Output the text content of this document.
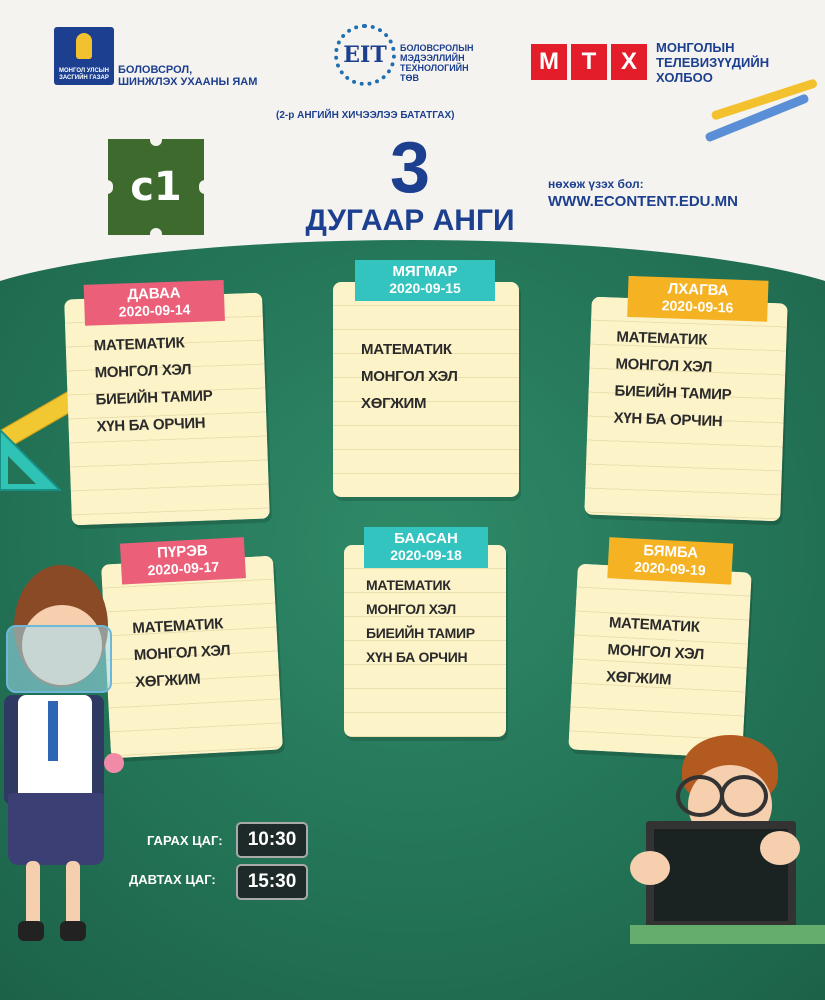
МОНГОЛ УЛСЫН ЗАСГИЙН ГАЗАР
БОЛОВСРОЛ,
ШИНЖЛЭХ УХААНЫ ЯАМ
EIT БОЛОВСРОЛЫН
МЭДЭЭЛЛИЙН
ТЕХНОЛОГИЙН
ТӨВ
(2-р АНГИЙН ХИЧЭЭЛЭЭ БАТАТГАХ)
М Т	Х
МОНГОЛЫН
ТЕЛЕВИЗҮҮДИЙН
ХОЛБОО
c1	3
ДУГААР АНГИ
нөхөж үзэх бол:
WWW.ECONTENT.EDU.MN
ДАВАА
2020-09-14
МАТЕМАТИК
МОНГОЛ ХЭЛ
БИЕИЙН ТАМИР
ХҮН БА ОРЧИН
МЯГМАР
2020-09-15
МАТЕМАТИК
МОНГОЛ ХЭЛ
ХӨГЖИМ
ЛХАГВА
2020-09-16
МАТЕМАТИК
МОНГОЛ ХЭЛ
БИЕИЙН ТАМИР
ХҮН БА ОРЧИН
ПҮРЭВ
2020-09-17
МАТЕМАТИК
МОНГОЛ ХЭЛ
ХӨГЖИМ
БААСАН
2020-09-18
МАТЕМАТИК
МОНГОЛ ХЭЛ
БИЕИЙН ТАМИР
ХҮН БА ОРЧИН
БЯМБА
2020-09-19
МАТЕМАТИК
МОНГОЛ ХЭЛ
ХӨГЖИМ
ГАРАХ ЦАГ:	10:30
ДАВТАХ ЦАГ:	15:30
